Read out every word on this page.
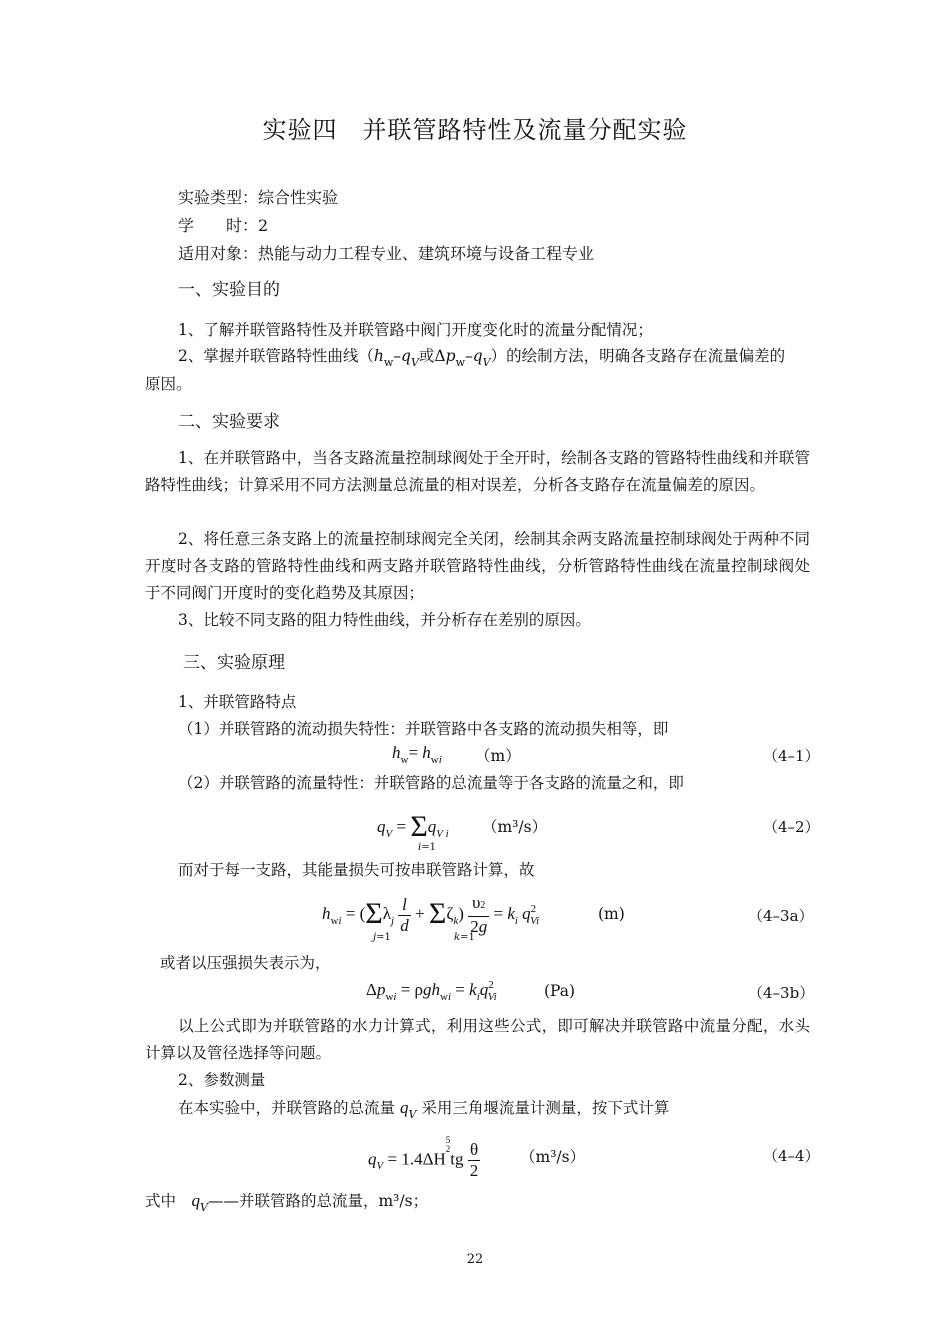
实验四　并联管路特性及流量分配实验
实验类型：综合性实验
学　　时：2
适用对象：热能与动力工程专业、建筑环境与设备工程专业
一、实验目的
1、了解并联管路特性及并联管路中阀门开度变化时的流量分配情况；
2、掌握并联管路特性曲线（$h_w-q_V$或$\Delta p_w-q_V$）的绘制方法，明确各支路存在流量偏差的
原因。
二、实验要求
1、在并联管路中，当各支路流量控制球阀处于全开时，绘制各支路的管路特性曲线和并联管路特性曲线；计算采用不同方法测量总流量的相对误差，分析各支路存在流量偏差的原因。
2、将任意三条支路上的流量控制球阀完全关闭，绘制其余两支路流量控制球阀处于两种不同开度时各支路的管路特性曲线和两支路并联管路特性曲线，分析管路特性曲线在流量控制球阀处于不同阀门开度时的变化趋势及其原因；
3、比较不同支路的阻力特性曲线，并分析存在差别的原因。
三、实验原理
1、并联管路特点
（1）并联管路的流动损失特性：并联管路中各支路的流动损失相等，即
$h_w= h_{wi}$ （m）	（4–1）
（2）并联管路的流量特性：并联管路的总流量等于各支路的流量之和，即
$q_V = \Sigma q_{V i}$
i=1
（m³/s）	（4–2）
而对于每一支路，其能量损失可按串联管路计算，故
$h_{wi} = (\Sigma\lambda_j \frac{l}{d} + \Sigma\zeta_k)$ υ2
$2g = k_i$ $q^2_{Vi}$
j=1	k=1
(m)	（4–3a）
或者以压强损失表示为，
$\Delta p_{wi} = \rho gh_{wi} = k_iq^2_{Vi}$	(Pa)	（4–3b）
以上公式即为并联管路的水力计算式，利用这些公式，即可解决并联管路中流量分配，水头计算以及管径选择等问题。
2、参数测量
在本实验中，并联管路的总流量 $q_V$ 采用三角堰流量计测量，按下式计算
$q_V = 1.4\Delta H5$
2tg θ
2
（m³/s）	（4–4）
式中　 $q_V——$并联管路的总流量，m³/s；
22
